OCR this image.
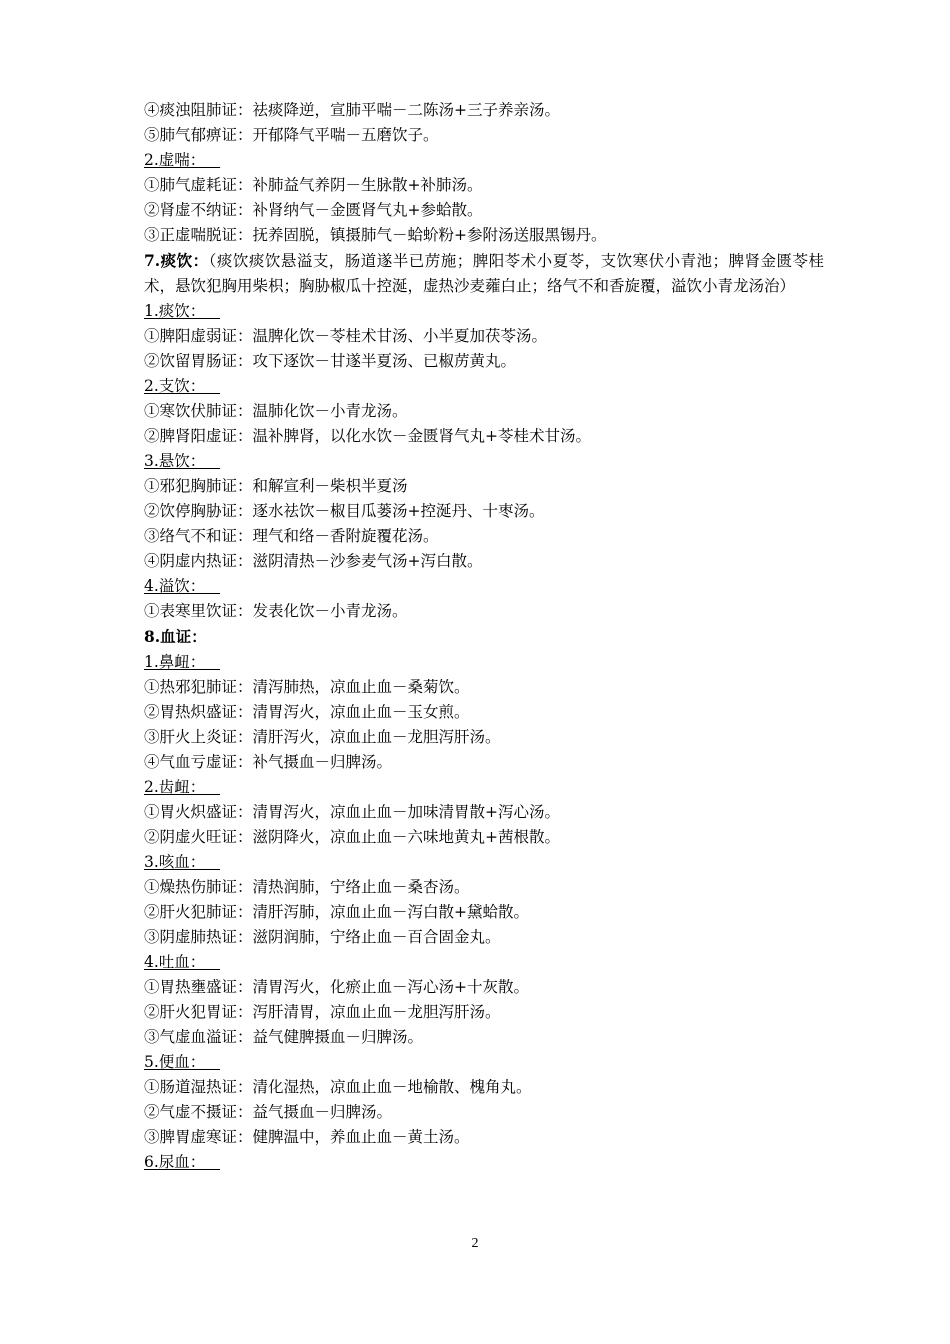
④痰浊阻肺证：祛痰降逆，宣肺平喘－二陈汤+三子养亲汤。
⑤肺气郁痹证：开郁降气平喘－五磨饮子。
2.虚喘：
①肺气虚耗证：补肺益气养阴－生脉散+补肺汤。
②肾虚不纳证：补肾纳气－金匮肾气丸+参蛤散。
③正虚喘脱证：抚养固脱，镇摄肺气－蛤蚧粉+参附汤送服黑锡丹。
7.痰饮：（痰饮痰饮悬溢支，肠道遂半已苈施；脾阳苓术小夏苓，支饮寒伏小青池；脾肾金匮苓桂术，悬饮犯胸用柴枳；胸胁椒瓜十控涎，虚热沙麦蕹白止；络气不和香旋覆，溢饮小青龙汤治）
1.痰饮：
①脾阳虚弱证：温脾化饮－苓桂术甘汤、小半夏加茯苓汤。
②饮留胃肠证：攻下逐饮－甘遂半夏汤、已椒苈黄丸。
2.支饮：
①寒饮伏肺证：温肺化饮－小青龙汤。
②脾肾阳虚证：温补脾肾，以化水饮－金匮肾气丸+苓桂术甘汤。
3.悬饮：
①邪犯胸肺证：和解宣利－柴枳半夏汤
②饮停胸胁证：逐水祛饮－椒目瓜蒌汤+控涎丹、十枣汤。
③络气不和证：理气和络－香附旋覆花汤。
④阴虚内热证：滋阴清热－沙参麦气汤+泻白散。
4.溢饮：
①表寒里饮证：发表化饮－小青龙汤。
8.血证：
1.鼻衄：
①热邪犯肺证：清泻肺热，凉血止血－桑菊饮。
②胃热炽盛证：清胃泻火，凉血止血－玉女煎。
③肝火上炎证：清肝泻火，凉血止血－龙胆泻肝汤。
④气血亏虚证：补气摄血－归脾汤。
2.齿衄：
①胃火炽盛证：清胃泻火，凉血止血－加味清胃散+泻心汤。
②阴虚火旺证：滋阴降火，凉血止血－六味地黄丸+茜根散。
3.咳血：
①燥热伤肺证：清热润肺，宁络止血－桑杏汤。
②肝火犯肺证：清肝泻肺，凉血止血－泻白散+黛蛤散。
③阴虚肺热证：滋阴润肺，宁络止血－百合固金丸。
4.吐血：
①胃热壅盛证：清胃泻火，化瘀止血－泻心汤+十灰散。
②肝火犯胃证：泻肝清胃，凉血止血－龙胆泻肝汤。
③气虚血溢证：益气健脾摄血－归脾汤。
5.便血：
①肠道湿热证：清化湿热，凉血止血－地榆散、槐角丸。
②气虚不摄证：益气摄血－归脾汤。
③脾胃虚寒证：健脾温中，养血止血－黄土汤。
6.尿血：
2
